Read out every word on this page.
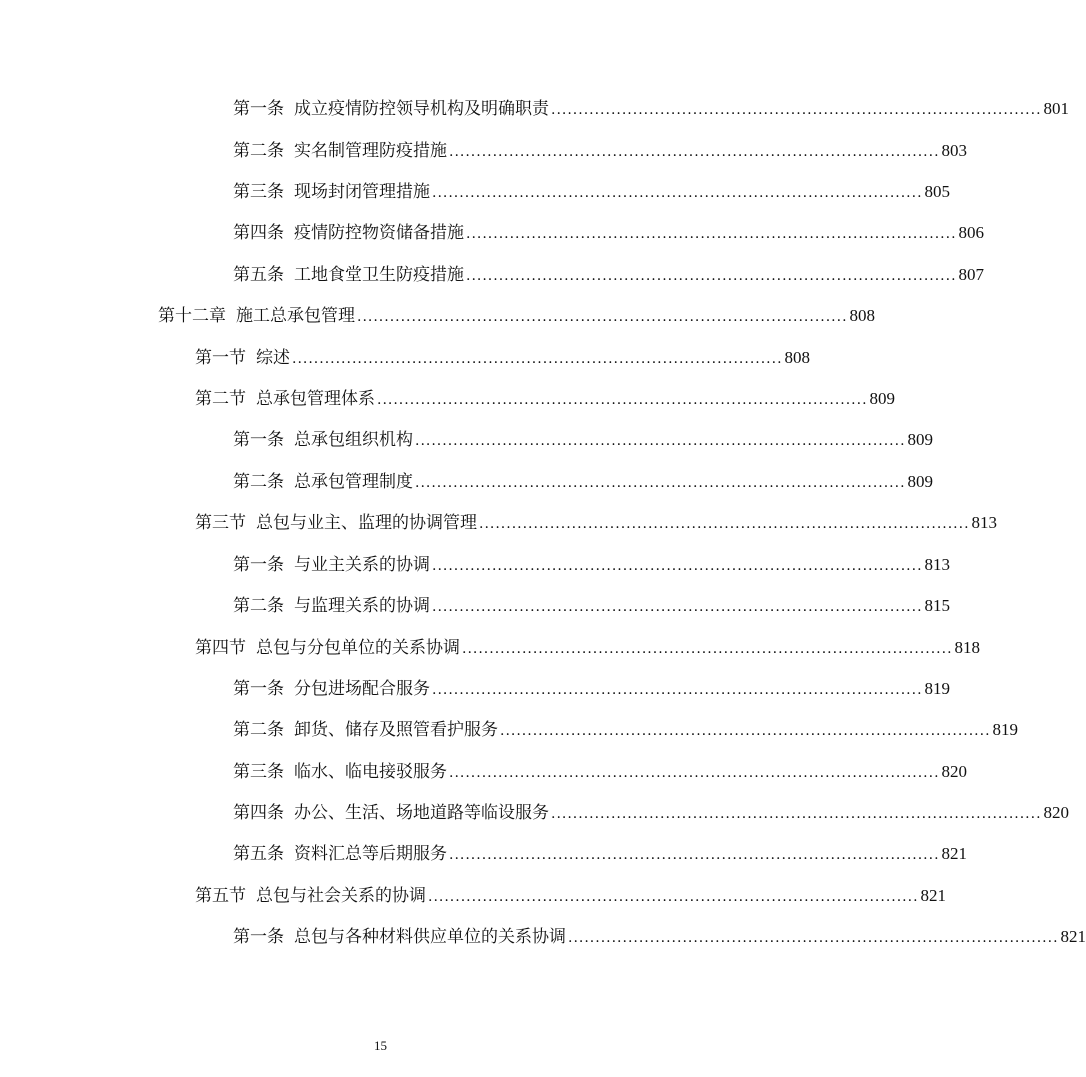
第一条 成立疫情防控领导机构及明确职责 .......................................................................................... 801
第二条 实名制管理防疫措施 .......................................................................................... 803
第三条 现场封闭管理措施 .......................................................................................... 805
第四条 疫情防控物资储备措施 .......................................................................................... 806
第五条 工地食堂卫生防疫措施 .......................................................................................... 807
第十二章 施工总承包管理 .......................................................................................... 808
第一节 综述 .......................................................................................... 808
第二节 总承包管理体系 .......................................................................................... 809
第一条 总承包组织机构 .......................................................................................... 809
第二条 总承包管理制度 .......................................................................................... 809
第三节 总包与业主、监理的协调管理 .......................................................................................... 813
第一条 与业主关系的协调 .......................................................................................... 813
第二条 与监理关系的协调 .......................................................................................... 815
第四节 总包与分包单位的关系协调 .......................................................................................... 818
第一条 分包进场配合服务 .......................................................................................... 819
第二条 卸货、储存及照管看护服务 .......................................................................................... 819
第三条 临水、临电接驳服务 .......................................................................................... 820
第四条 办公、生活、场地道路等临设服务 .......................................................................................... 820
第五条 资料汇总等后期服务 .......................................................................................... 821
第五节 总包与社会关系的协调 .......................................................................................... 821
第一条 总包与各种材料供应单位的关系协调 .......................................................................................... 821
15
